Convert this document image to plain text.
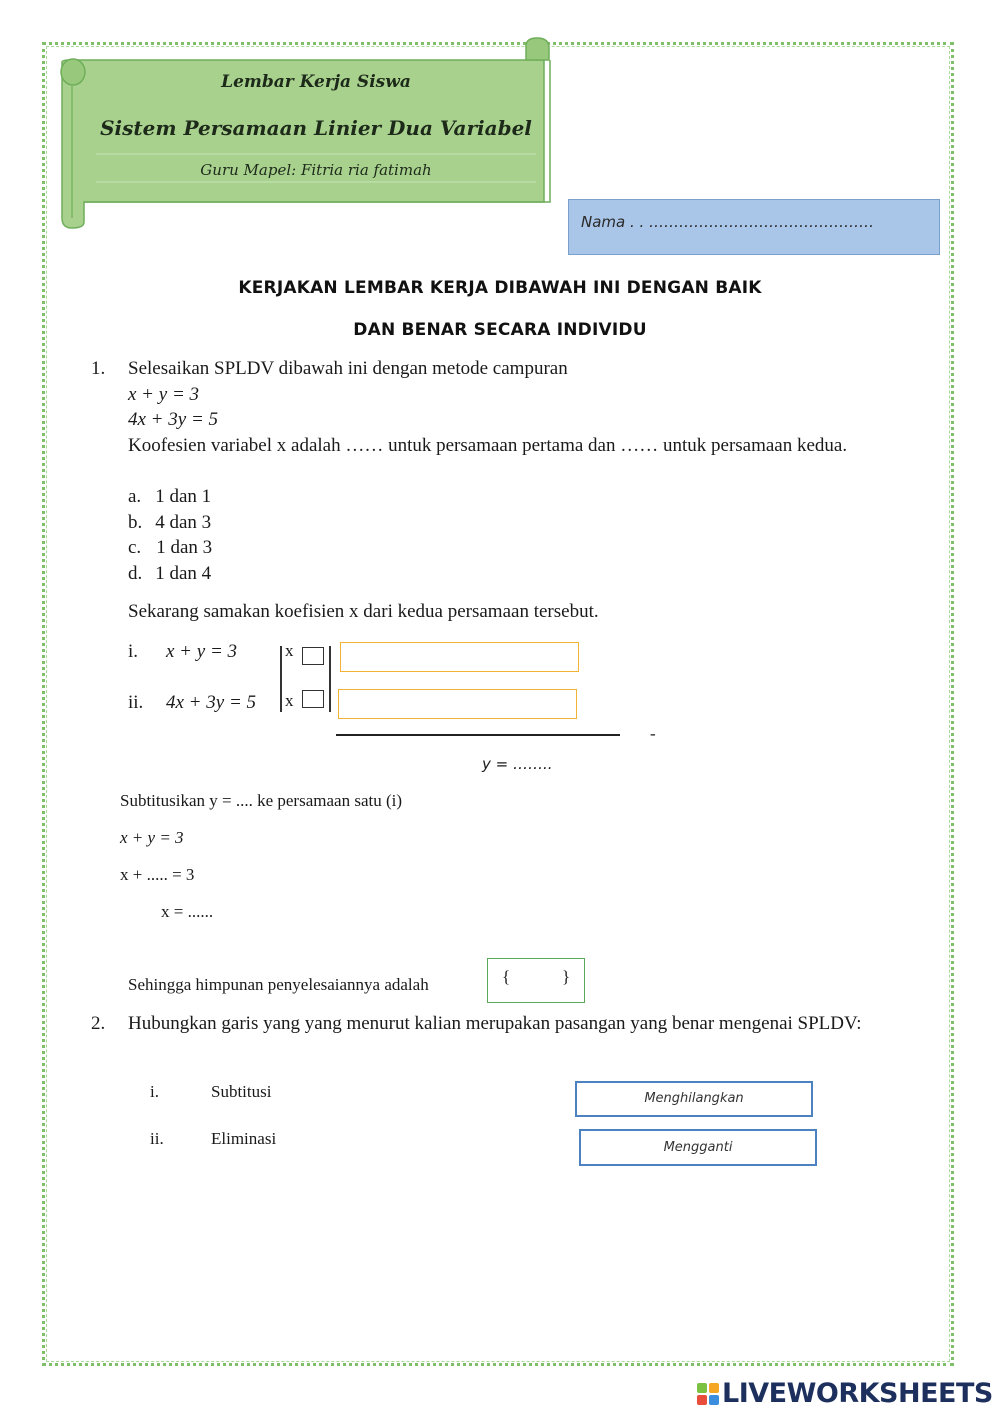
Lembar Kerja Siswa
Sistem Persamaan Linier Dua Variabel
Guru Mapel: Fitria ria fatimah
Nama . . ………………………………………
KERJAKAN LEMBAR KERJA DIBAWAH INI DENGAN BAIK
DAN BENAR SECARA INDIVIDU
1. Selesaikan SPLDV dibawah ini dengan metode campuran
x + y = 3
4x + 3y = 5
Koofesien variabel x adalah …… untuk persamaan pertama dan …… untuk persamaan kedua.
a. 1 dan 1
b. 4 dan 3
c. 1 dan 3
d. 1 dan 4
Sekarang samakan koefisien x dari kedua persamaan tersebut.
i. x + y = 3
ii. 4x + 3y = 5
x
x
-
y = ……..
Subtitusikan y = .... ke persamaan satu (i)
x + y = 3
x + ..... = 3
x = ......
Sehingga himpunan penyelesaiannya adalah	{	}
2. Hubungkan garis yang yang menurut kalian merupakan pasangan yang benar mengenai SPLDV:
i.	Subtitusi
ii.	Eliminasi
Menghilangkan
Mengganti
LIVEWORKSHEETS
